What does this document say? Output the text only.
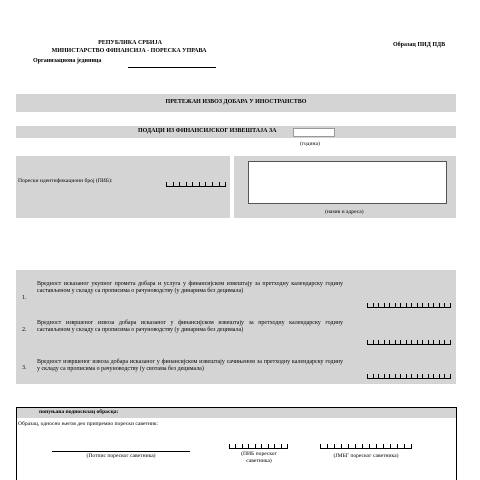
РЕПУБЛИКА СРБИЈА
МИНИСТАРСТВО ФИНАНСИЈА - ПОРЕСКА УПРАВА
Организациона јединица
Образац ПИД ПДВ
ПРЕТЕЖАН ИЗВОЗ ДОБАРА У ИНОСТРАНСТВО
ПОДАЦИ ИЗ ФИНАНСИЈСКОГ ИЗВЕШТАЈА ЗА
(година)
Порески идентификациони број (ПИБ):
(назив и адреса)
1.
Вредност исказаног укупног промета добара и услуга у финансијском извештају за претходну календарску годину састављеном у складу са прописима о рачуноводству (у динарима без децимала)
2.
Вредност извршеног извоза добара исказаног у финансијском извештају за претходну календарску годину састављеном у складу са прописима о рачуноводству (у динарима без децимала)
3.
Вредност извршеног извоза добара исказаног у финансијском извештају сачињеном за претходну календарску годину у складу са прописима о рачуноводству (у свотама без децимала)
попуњава подносилац обрасца:
Образац, односно његов део припремио порески саветник:
(Потпис пореског саветника)	(ПИБ пореског
саветника)
(ЈМБГ пореског саветника)
